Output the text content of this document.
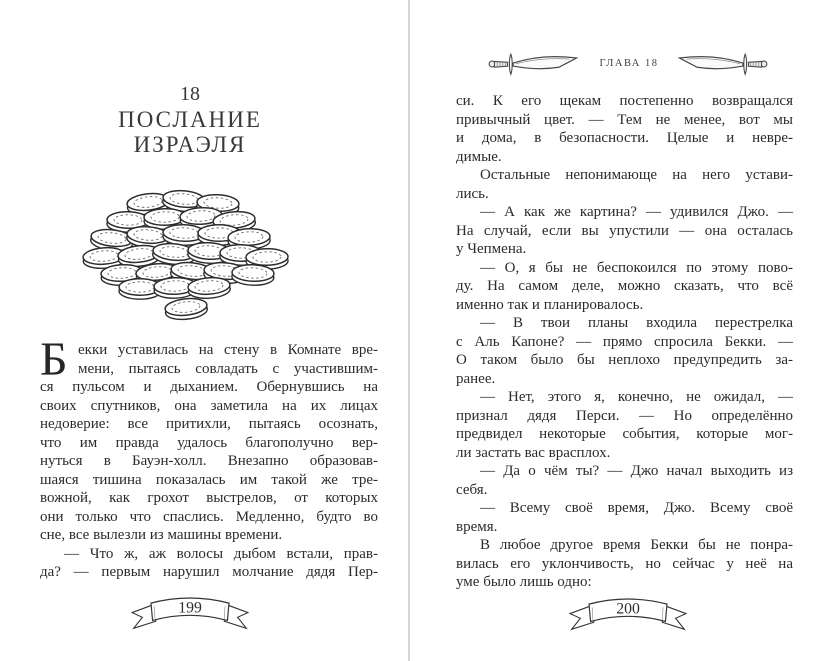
18
ПОСЛАНИЕ
ИЗРАЭЛЯ
Б екки уставилась на стену в Комнате вре-
мени, пытаясь совладать с участившим-
ся пульсом и дыханием. Обернувшись на
своих спутников, она заметила на их лицах
недоверие: все притихли, пытаясь осознать,
что им правда удалось благополучно вер-
нуться в Бауэн-холл. Внезапно образовав-
шаяся тишина показалась им такой же тре-
вожной, как грохот выстрелов, от которых
они только что спаслись. Медленно, будто во
сне, все вылезли из машины времени.
— Что ж, аж волосы дыбом встали, прав-
да? — первым нарушил молчание дядя Пер-
199
ГЛАВА 18
си. К его щекам постепенно возвращался
привычный цвет. — Тем не менее, вот мы
и дома, в безопасности. Целые и невре-
димые.
Остальные непонимающе на него устави-
лись.
— А как же картина? — удивился Джо. —
На случай, если вы упустили — она осталась
у Чепмена.
— О, я бы не беспокоился по этому пово-
ду. На самом деле, можно сказать, что всё
именно так и планировалось.
— В твои планы входила перестрелка
с Аль Капоне? — прямо спросила Бекки. —
О таком было бы неплохо предупредить за-
ранее.
— Нет, этого я, конечно, не ожидал, —
признал дядя Перси. — Но определённо
предвидел некоторые события, которые мог-
ли застать вас врасплох.
— Да о чём ты? — Джо начал выходить из
себя.
— Всему своё время, Джо. Всему своё
время.
В любое другое время Бекки бы не понра-
вилась его уклончивость, но сейчас у неё на
уме было лишь одно:
200
